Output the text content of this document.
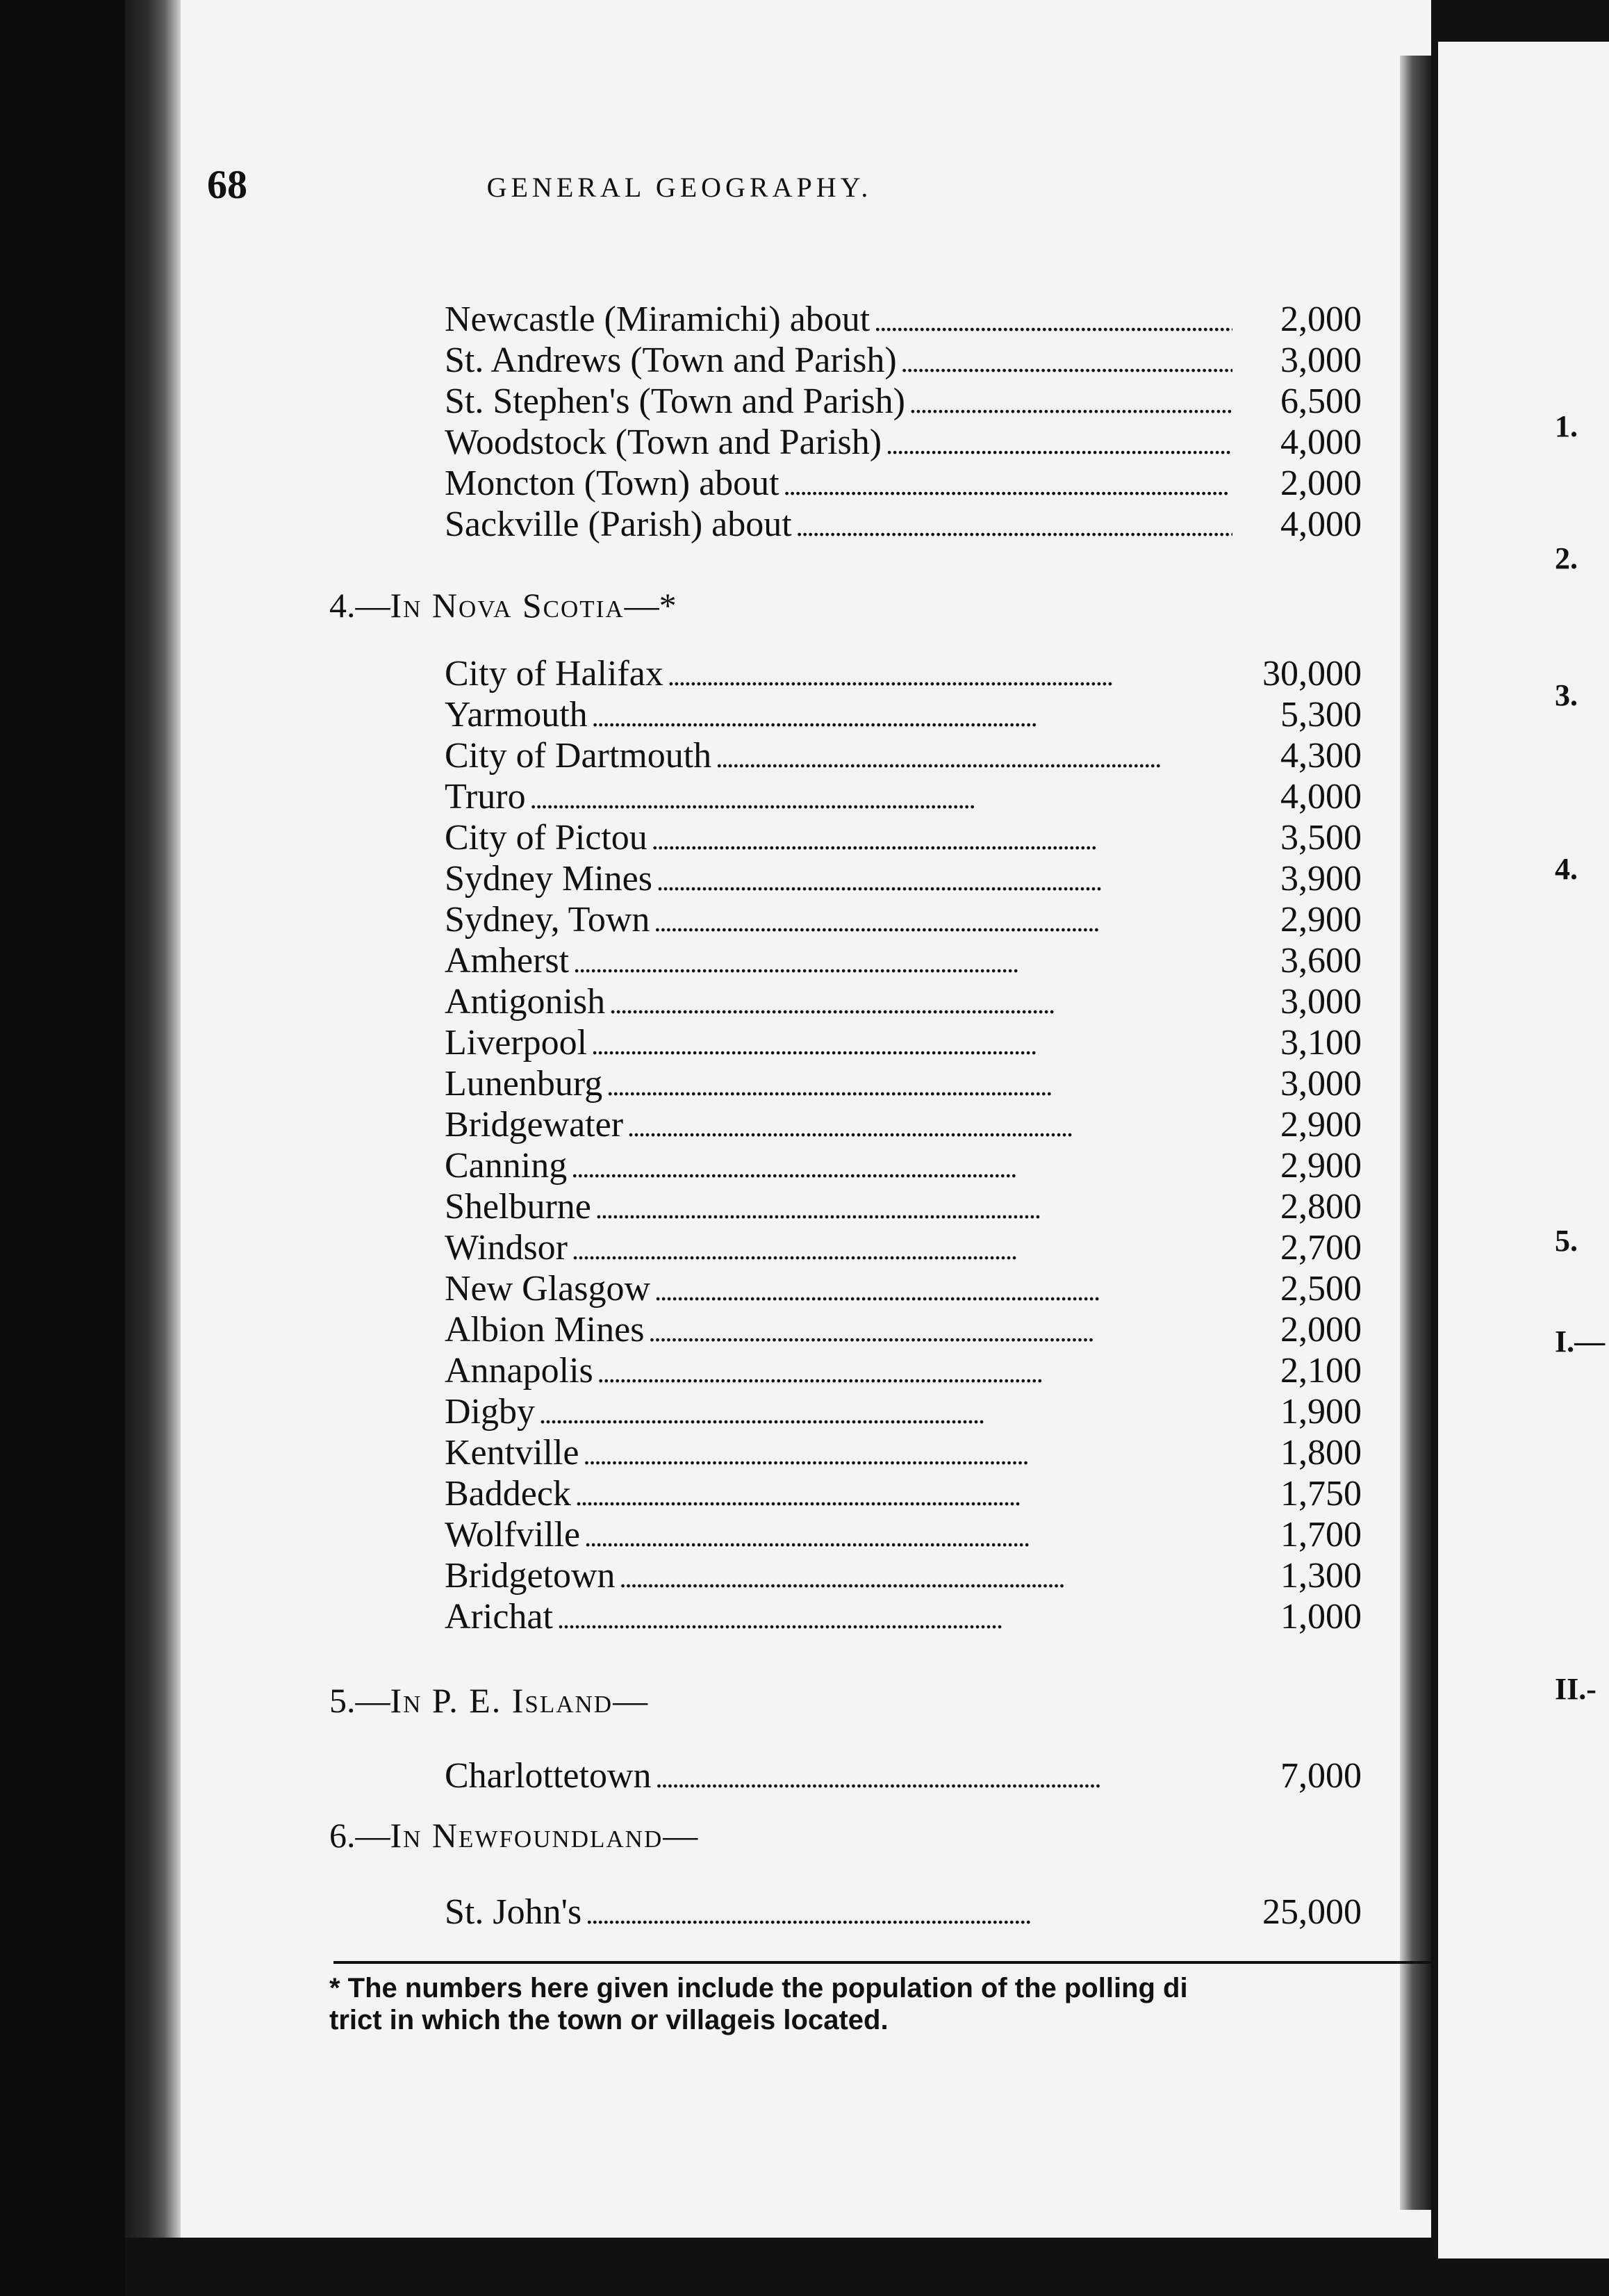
1.
2.
3.
4.
5.
I.—
II.-
68	GENERAL GEOGRAPHY.
Newcastle (Miramichi) about . . .	2,000
St. Andrews (Town and Parish) . . .	3,000
St. Stephen's (Town and Parish) . . .	6,500
Woodstock (Town and Parish) . . .	4,000
Moncton (Town) about . . .	2,000
Sackville (Parish) about . . .	4,000
4.—In Nova Scotia—*
City of Halifax . . .	30,000
Yarmouth . . .	5,300
City of Dartmouth . . .	4,300
Truro . . .	4,000
City of Pictou . . .	3,500
Sydney Mines . . .	3,900
Sydney, Town . . .	2,900
Amherst . . .	3,600
Antigonish . . .	3,000
Liverpool . . .	3,100
Lunenburg . . .	3,000
Bridgewater . . .	2,900
Canning . . .	2,900
Shelburne . . .	2,800
Windsor . . .	2,700
New Glasgow . . .	2,500
Albion Mines . . .	2,000
Annapolis . . .	2,100
Digby . . .	1,900
Kentville . . .	1,800
Baddeck . . .	1,750
Wolfville . . .	1,700
Bridgetown . . .	1,300
Arichat . . .	1,000
5.—In P. E. Island—
Charlottetown . . .	7,000
6.—In Newfoundland—
St. John's . . .	25,000
* The numbers here given include the population of the polling di
trict in which the town or villageis located.
